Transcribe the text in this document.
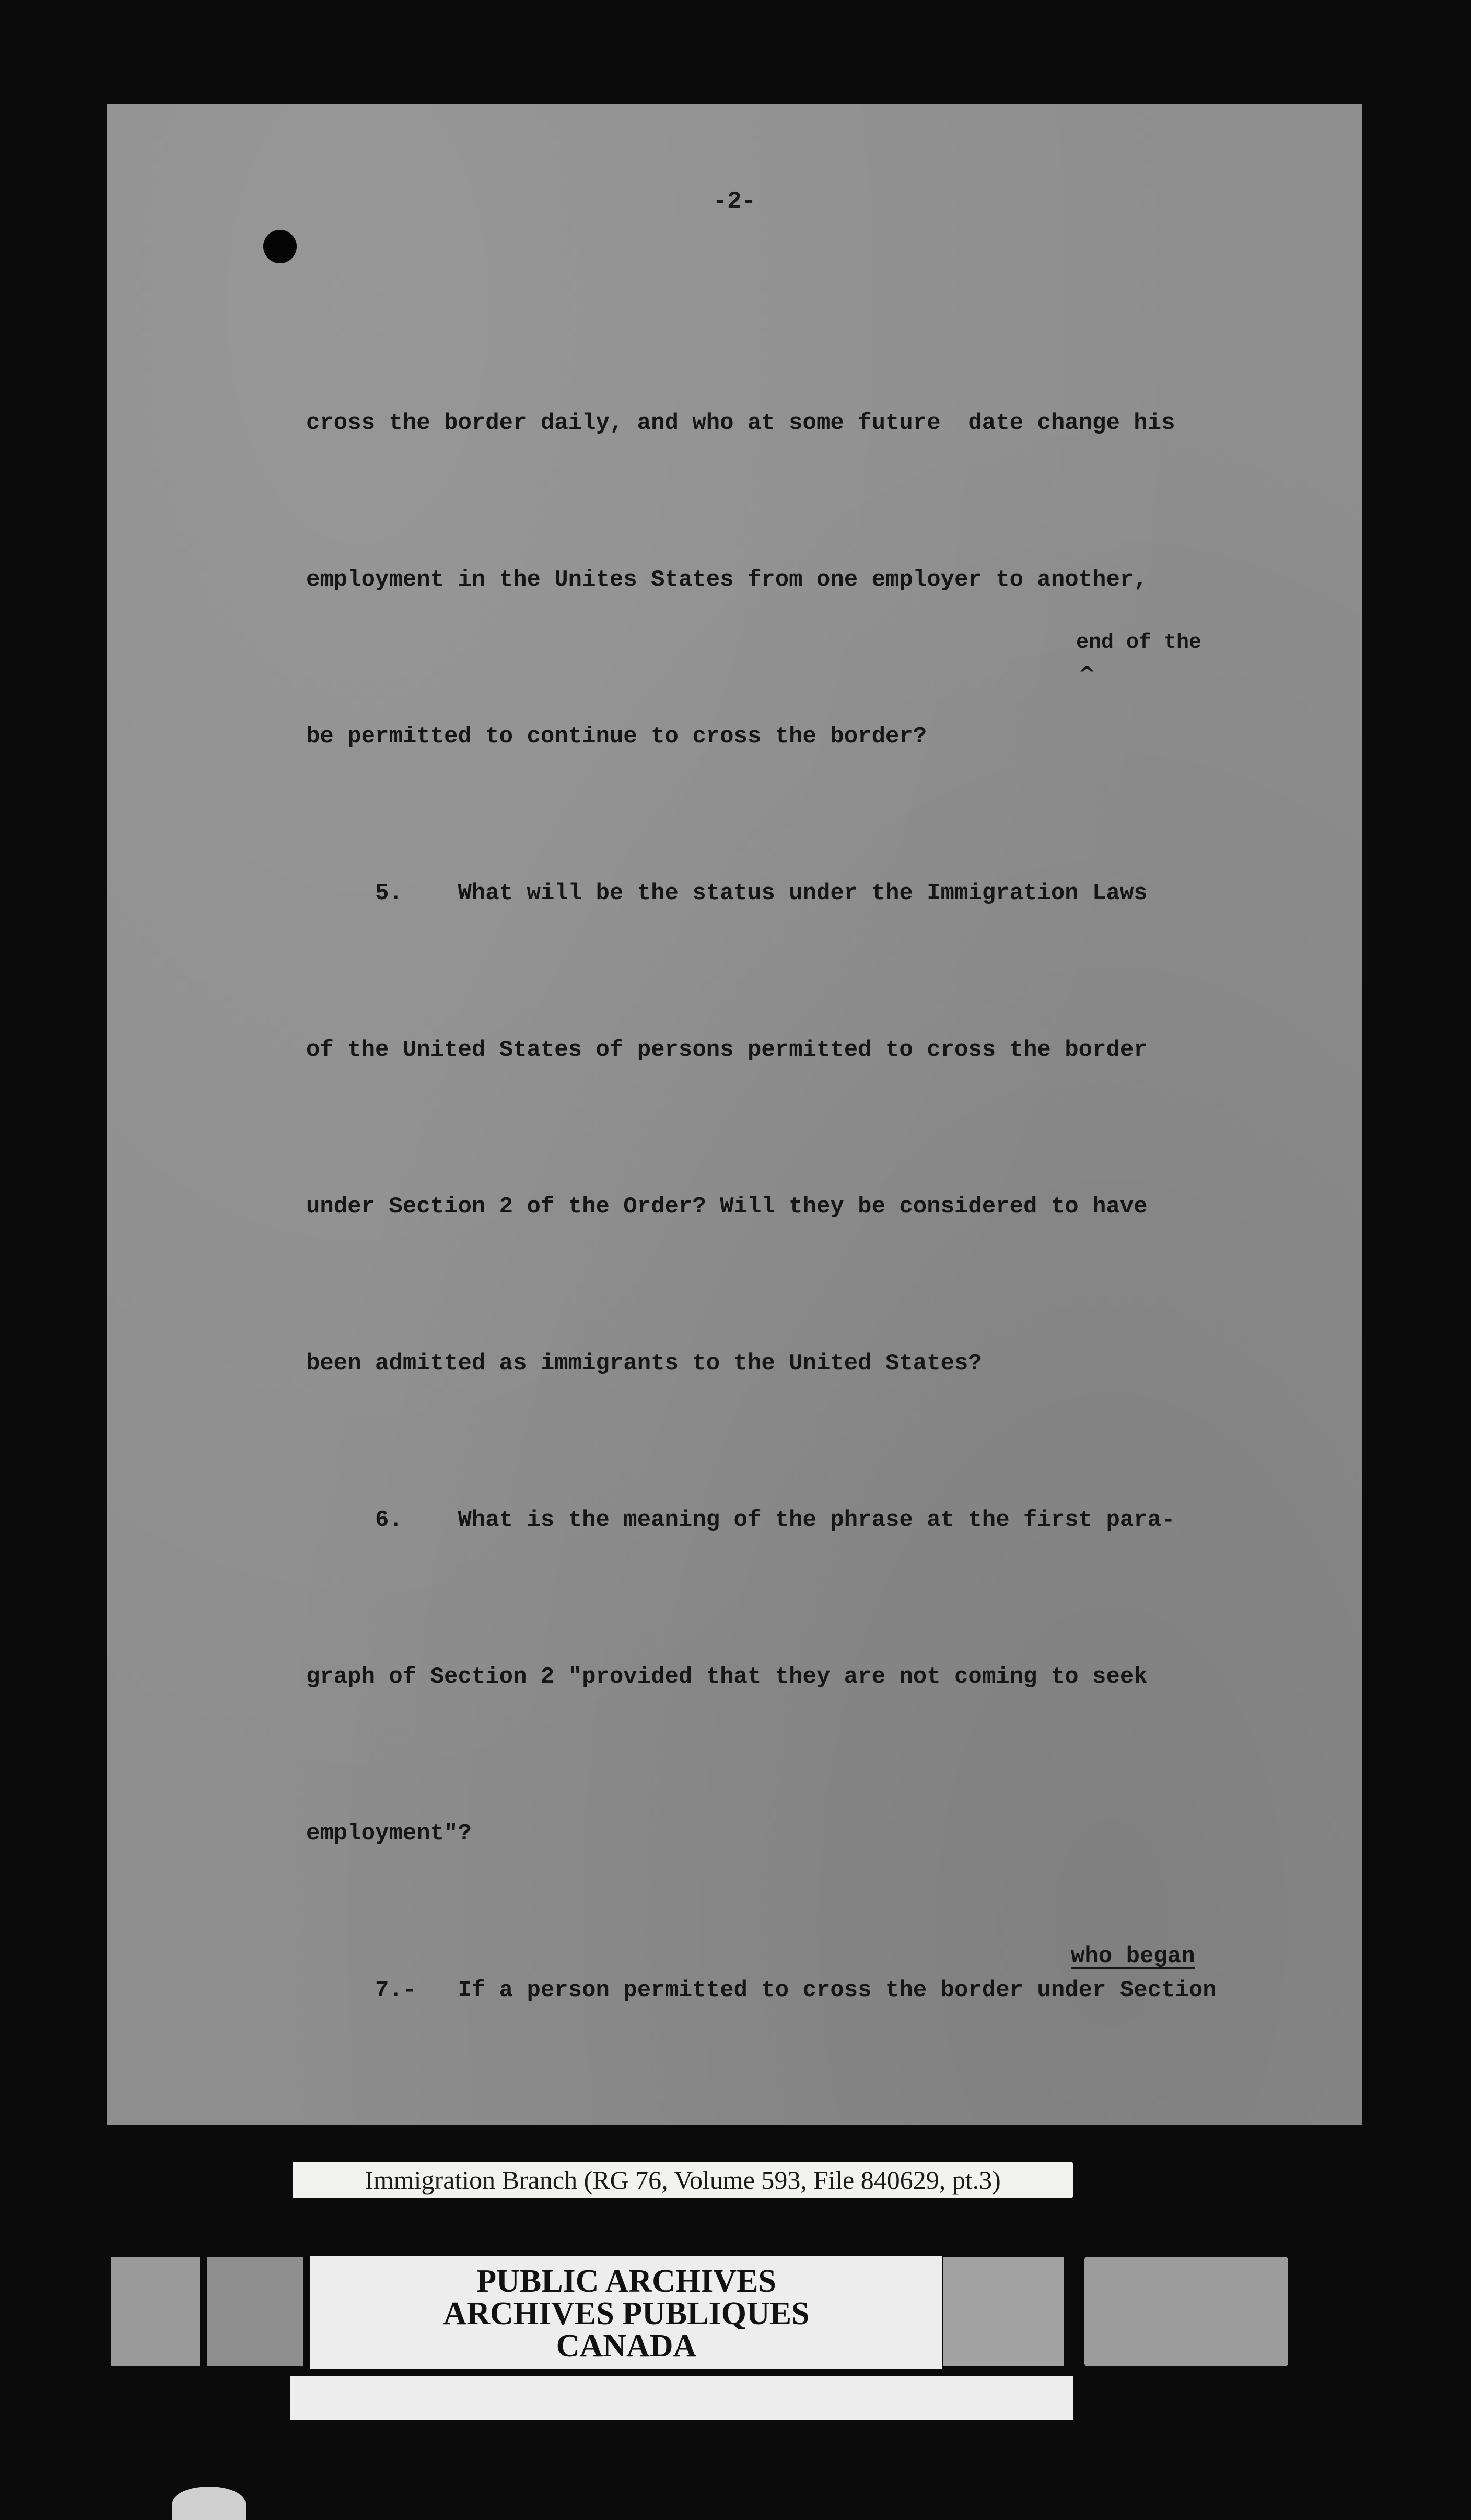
-2-

cross the border daily, and who at some future  date change his

employment in the Unites States from one employer to another,

be permitted to continue to cross the border?

5.    What will be the status under the Immigration Laws

of the United States of persons permitted to cross the border

under Section 2 of the Order? Will they be considered to have

been admitted as immigrants to the United States?

6.    What is the meaning of the phrase at the first para-

graph of Section 2 "provided that they are not coming to seek

employment"?

7.-   If a person permitted to cross the border under Section

end of the
^
who began
Immigration Branch (RG 76, Volume 593, File 840629, pt.3)
PUBLIC ARCHIVES
ARCHIVES PUBLIQUES
CANADA
